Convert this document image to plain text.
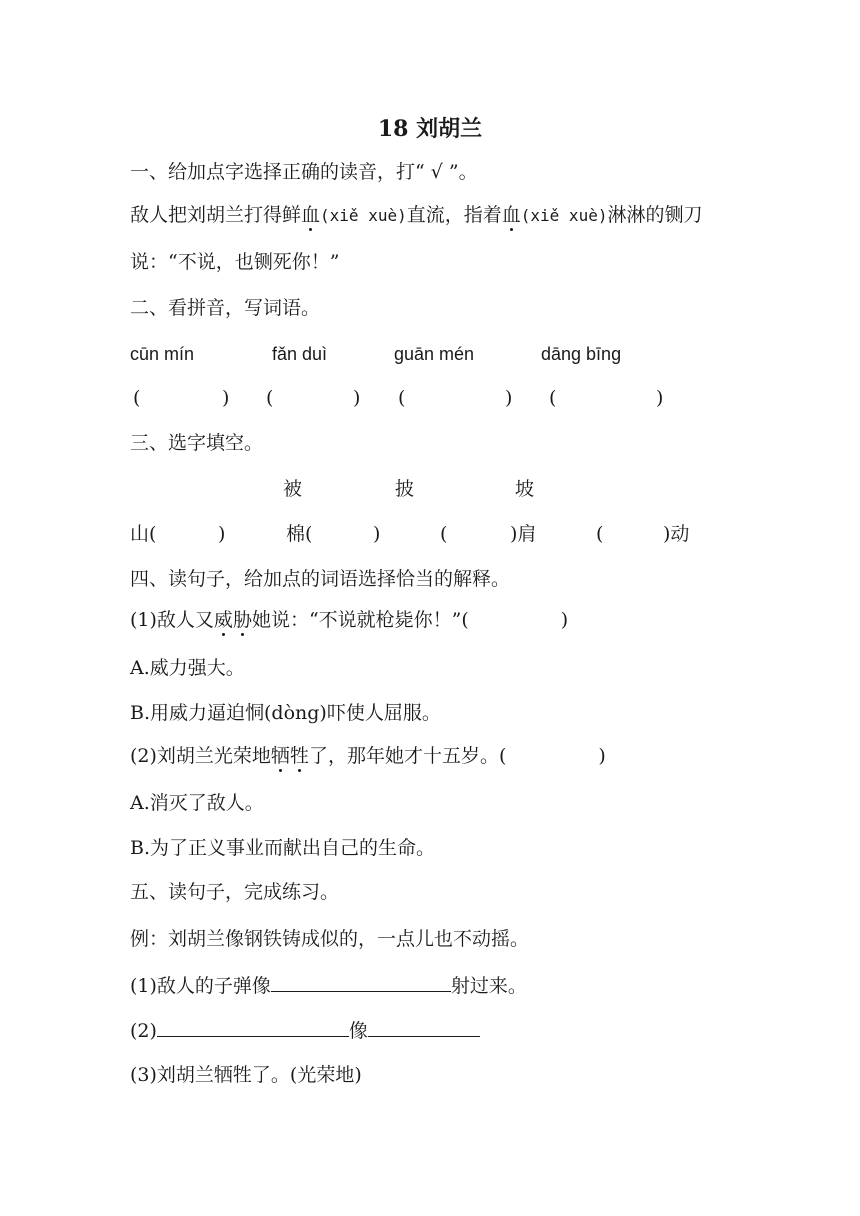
18 刘胡兰
一、给加点字选择正确的读音，打“ √ ”。
敌人把刘胡兰打得鲜血(xiě xuè)直流，指着血(xiě xuè)淋淋的铡刀
说：“不说，也铡死你！”
二、看拼音，写词语。
cūn mín	fǎn duì	guān mén	dāng bīng
(	) (	) (	) (	)
三、选字填空。
被	披	坡
山(	)	棉(	)	(	)肩	(	)动
四、读句子，给加点的词语选择恰当的解释。
(1)敌人又威胁她说：“不说就枪毙你！”(	)
A.威力强大。
B.用威力逼迫恫(dòng)吓使人屈服。
(2)刘胡兰光荣地牺牲了，那年她才十五岁。(	)
A.消灭了敌人。
B.为了正义事业而献出自己的生命。
五、读句子，完成练习。
例：刘胡兰像钢铁铸成似的，一点儿也不动摇。
(1)敌人的子弹像	射过来。
(2)	像
(3)刘胡兰牺牲了。(光荣地)
